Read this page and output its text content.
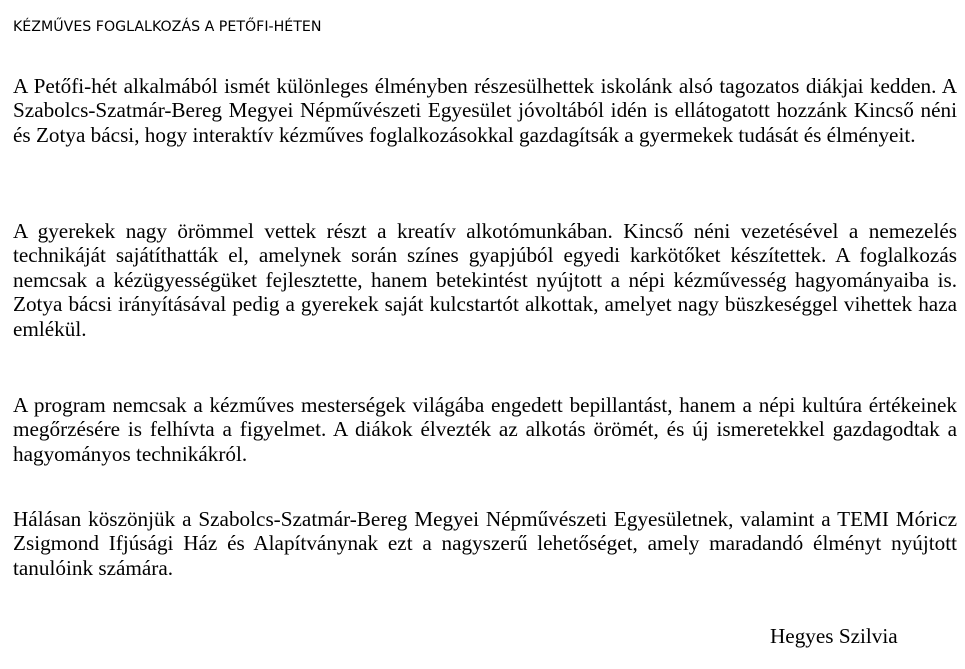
KÉZMŰVES FOGLALKOZÁS A PETŐFI-HÉTEN

A Petőfi-hét alkalmából ismét különleges élményben részesülhettek iskolánk alsó tagozatos diákjai kedden. A Szabolcs-Szatmár-Bereg Megyei Népművészeti Egyesület jóvoltából idén is ellátogatott hozzánk Kincső néni és Zotya bácsi, hogy interaktív kézműves foglalkozásokkal gazdagítsák a gyermekek tudását és élményeit.

A gyerekek nagy örömmel vettek részt a kreatív alkotómunkában. Kincső néni vezetésével a nemezelés technikáját sajátíthatták el, amelynek során színes gyapjúból egyedi karkötőket készítettek. A foglalkozás nemcsak a kézügyességüket fejlesztette, hanem betekintést nyújtott a népi kézművesség hagyományaiba is. Zotya bácsi irányításával pedig a gyerekek saját kulcstartót alkottak, amelyet nagy büszkeséggel vihettek haza emlékül.

A program nemcsak a kézműves mesterségek világába engedett bepillantást, hanem a népi kultúra értékeinek megőrzésére is felhívta a figyelmet. A diákok élvezték az alkotás örömét, és új ismeretekkel gazdagodtak a hagyományos technikákról.

Hálásan köszönjük a Szabolcs-Szatmár-Bereg Megyei Népművészeti Egyesületnek, valamint a TEMI Móricz Zsigmond Ifjúsági Ház és Alapítványnak ezt a nagyszerű lehetőséget, amely maradandó élményt nyújtott tanulóink számára.

Hegyes Szilvia
